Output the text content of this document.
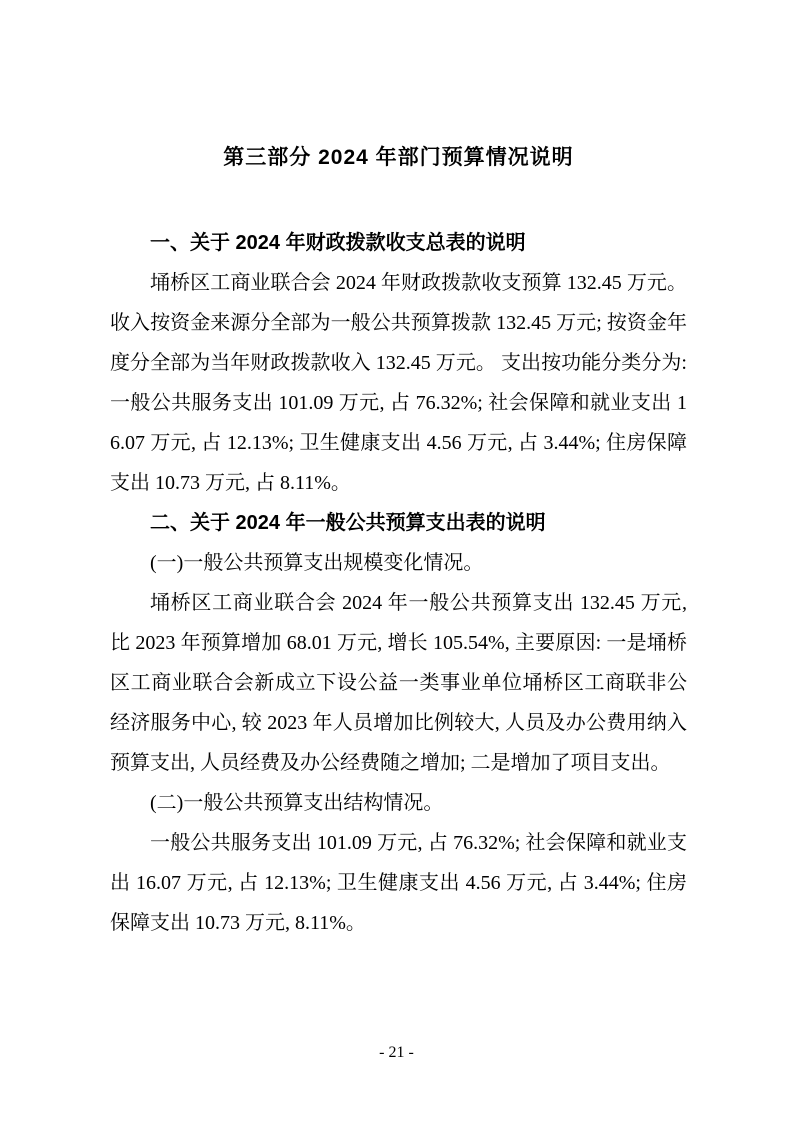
第三部分 2024 年部门预算情况说明

一、关于 2024 年财政拨款收支总表的说明

埇桥区工商业联合会 2024 年财政拨款收支预算 132.45 万元。 收入按资金来源分全部为一般公共预算拨款 132.45 万元; 按资金年度分全部为当年财政拨款收入 132.45 万元。 支出按功能分类分为: 一般公共服务支出 101.09 万元, 占 76.32%; 社会保障和就业支出 16.07 万元, 占 12.13%; 卫生健康支出 4.56 万元, 占 3.44%; 住房保障支出 10.73 万元, 占 8.11%。

二、关于 2024 年一般公共预算支出表的说明

(一)一般公共预算支出规模变化情况。

埇桥区工商业联合会 2024 年一般公共预算支出 132.45 万元, 比 2023 年预算增加 68.01 万元, 增长 105.54%, 主要原因: 一是埇桥区工商业联合会新成立下设公益一类事业单位埇桥区工商联非公经济服务中心, 较 2023 年人员增加比例较大, 人员及办公费用纳入预算支出, 人员经费及办公经费随之增加; 二是增加了项目支出。

(二)一般公共预算支出结构情况。

一般公共服务支出 101.09 万元, 占 76.32%; 社会保障和就业支出 16.07 万元, 占 12.13%; 卫生健康支出 4.56 万元, 占 3.44%; 住房保障支出 10.73 万元, 8.11%。

- 21 -
